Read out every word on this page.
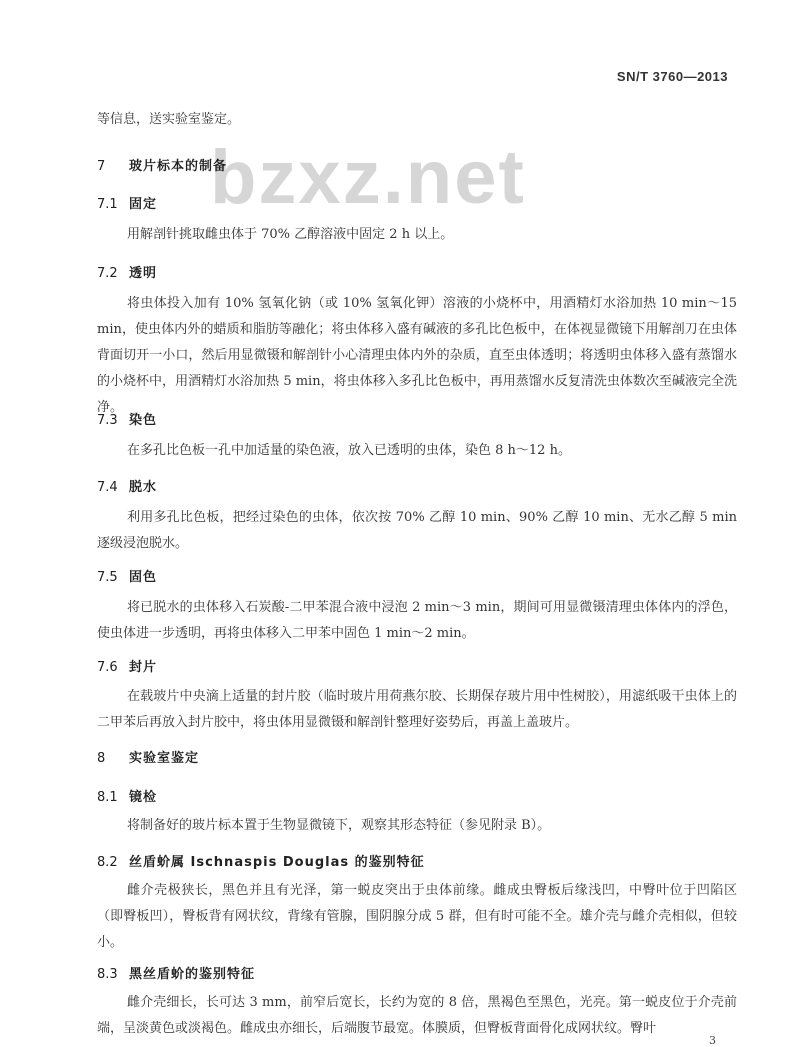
SN/T 3760—2013
bzxz.net

等信息，送实验室鉴定。

7 玻片标本的制备
7.1 固定

用解剖针挑取雌虫体于 70% 乙醇溶液中固定 2 h 以上。

7.2 透明

将虫体投入加有 10% 氢氧化钠（或 10% 氢氧化钾）溶液的小烧杯中，用酒精灯水浴加热 10 min～15 min，使虫体内外的蜡质和脂肪等融化；将虫体移入盛有碱液的多孔比色板中，在体视显微镜下用解剖刀在虫体背面切开一小口，然后用显微镊和解剖针小心清理虫体内外的杂质，直至虫体透明；将透明虫体移入盛有蒸馏水的小烧杯中，用酒精灯水浴加热 5 min，将虫体移入多孔比色板中，再用蒸馏水反复清洗虫体数次至碱液完全洗净。

7.3 染色

在多孔比色板一孔中加适量的染色液，放入已透明的虫体，染色 8 h～12 h。

7.4 脱水

利用多孔比色板，把经过染色的虫体，依次按 70% 乙醇 10 min、90% 乙醇 10 min、无水乙醇 5 min 逐级浸泡脱水。

7.5 固色

将已脱水的虫体移入石炭酸-二甲苯混合液中浸泡 2 min～3 min，期间可用显微镊清理虫体体内的浮色，使虫体进一步透明，再将虫体移入二甲苯中固色 1 min～2 min。

7.6 封片

在载玻片中央滴上适量的封片胶（临时玻片用荷燕尔胶、长期保存玻片用中性树胶），用滤纸吸干虫体上的二甲苯后再放入封片胶中，将虫体用显微镊和解剖针整理好姿势后，再盖上盖玻片。

8 实验室鉴定
8.1 镜检

将制备好的玻片标本置于生物显微镜下，观察其形态特征（参见附录 B）。

8.2 丝盾蚧属 Ischnaspis Douglas 的鉴别特征

雌介壳极狭长，黑色并且有光泽，第一蜕皮突出于虫体前缘。雌成虫臀板后缘浅凹，中臀叶位于凹陷区（即臀板凹），臀板背有网状纹，背缘有管腺，围阴腺分成 5 群，但有时可能不全。雄介壳与雌介壳相似，但较小。

8.3 黑丝盾蚧的鉴别特征

雌介壳细长，长可达 3 mm，前窄后宽长，长约为宽的 8 倍，黑褐色至黑色，光亮。第一蜕皮位于介壳前端，呈淡黄色或淡褐色。雌成虫亦细长，后端腹节最宽。体膜质，但臀板背面骨化成网状纹。臀叶

3
